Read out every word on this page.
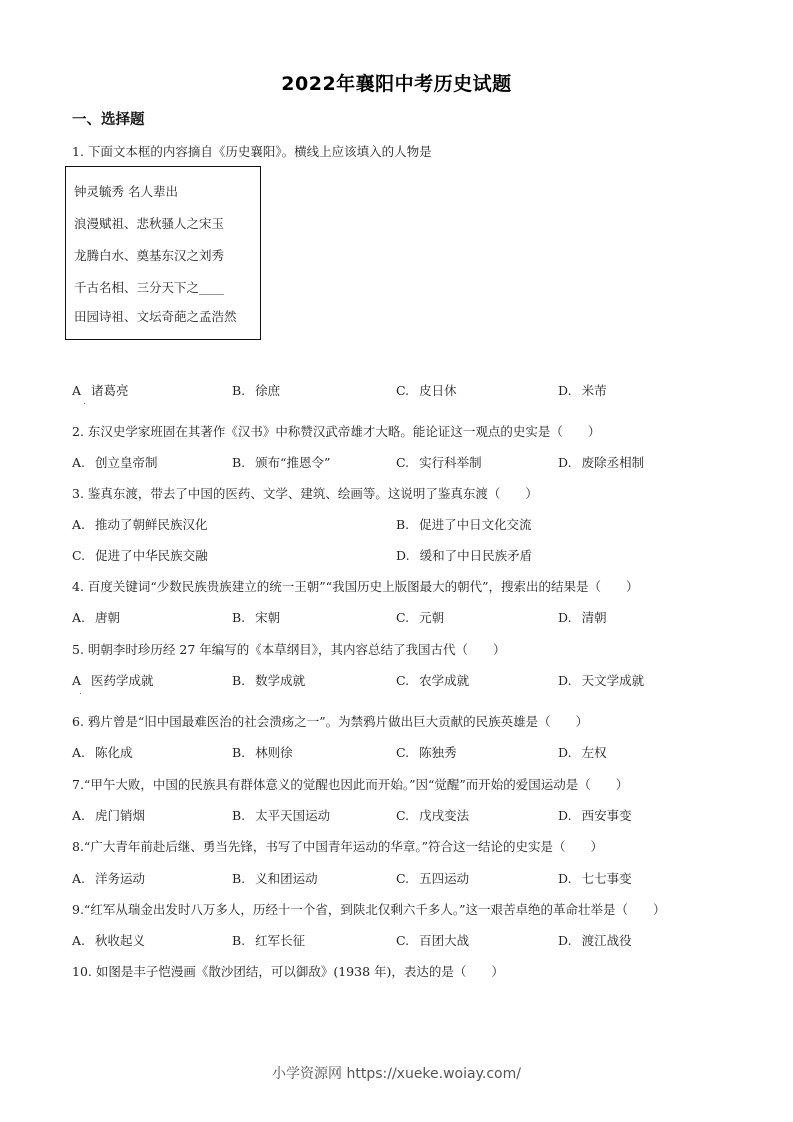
2022年襄阳中考历史试题
一、选择题
1. 下面文本框的内容摘自《历史襄阳》。横线上应该填入的人物是
钟灵毓秀 名人辈出
浪漫赋祖、悲秋骚人之宋玉
龙腾白水、奠基东汉之刘秀
千古名相、三分天下之____
田园诗祖、文坛奇葩之孟浩然
A 诸葛亮	B. 徐庶	C. 皮日休	D. 米芾
2. 东汉史学家班固在其著作《汉书》中称赞汉武帝雄才大略。能论证这一观点的史实是（　　）
A. 创立皇帝制	B. 颁布“推恩令”	C. 实行科举制	D. 废除丞相制
3. 鉴真东渡，带去了中国的医药、文学、建筑、绘画等。这说明了鉴真东渡（　　）
A. 推动了朝鲜民族汉化	B. 促进了中日文化交流
C. 促进了中华民族交融	D. 缓和了中日民族矛盾
4. 百度关键词“少数民族贵族建立的统一王朝”“我国历史上版图最大的朝代”，搜索出的结果是（　　）
A. 唐朝	B. 宋朝	C. 元朝	D. 清朝
5. 明朝李时珍历经 27 年编写的《本草纲目》，其内容总结了我国古代（　　）
A 医药学成就	B. 数学成就	C. 农学成就	D. 天文学成就
6. 鸦片曾是“旧中国最难医治的社会溃疡之一”。为禁鸦片做出巨大贡献的民族英雄是（　　）
A. 陈化成	B. 林则徐	C. 陈独秀	D. 左权
7.“甲午大败，中国的民族具有群体意义的觉醒也因此而开始。”因“觉醒”而开始的爱国运动是（　　）
A. 虎门销烟	B. 太平天国运动	C. 戊戌变法	D. 西安事变
8.“广大青年前赴后继、勇当先锋，书写了中国青年运动的华章。”符合这一结论的史实是（　　）
A. 洋务运动	B. 义和团运动	C. 五四运动	D. 七七事变
9.“红军从瑞金出发时八万多人，历经十一个省，到陕北仅剩六千多人。”这一艰苦卓绝的革命壮举是（　　）
A. 秋收起义	B. 红军长征	C. 百团大战	D. 渡江战役
10. 如图是丰子恺漫画《散沙团结，可以御敌》(1938 年)，表达的是（　　）
小学资源网 https://xueke.woiay.com/
